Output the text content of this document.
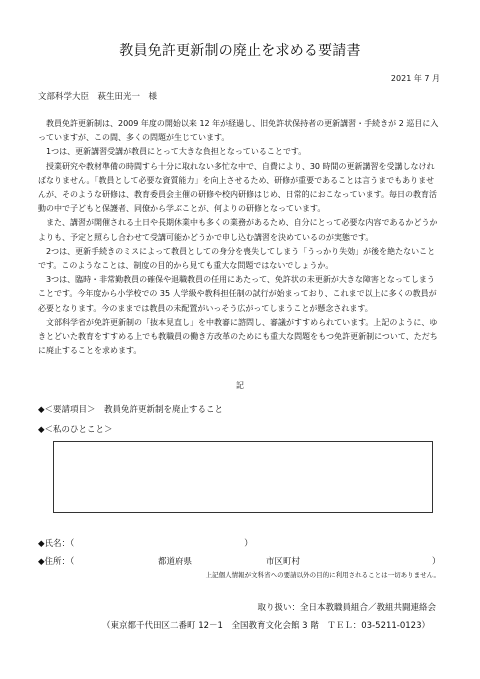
教員免許更新制の廃止を求める要請書
2021 年 7 月
文部科学大臣　萩生田光一　様

教員免許更新制は、2009 年度の開始以来 12 年が経過し、旧免許状保持者の更新講習・手続きが 2 巡目に入っていますが、この間、多くの問題が生じています。

1つは、更新講習受講が教員にとって大きな負担となっていることです。

授業研究や教材準備の時間すら十分に取れない多忙な中で、自費により、30 時間の更新講習を受講しなければなりません。「教員として必要な資質能力」を向上させるため、研修が重要であることは言うまでもありませんが、そのような研修は、教育委員会主催の研修や校内研修はじめ、日常的におこなっています。毎日の教育活動の中で子どもと保護者、同僚から学ぶことが、何よりの研修となっています。

また、講習が開催される土日や長期休業中も多くの業務があるため、自分にとって必要な内容であるかどうかよりも、予定と照らし合わせて受講可能かどうかで申し込む講習を決めているのが実態です。

2つは、更新手続きのミスによって教員としての身分を喪失してしまう「うっかり失効」が後を絶たないことです。このようなことは、制度の目的から見ても重大な問題ではないでしょうか。

3つは、臨時・非常勤教員の確保や退職教員の任用にあたって、免許状の未更新が大きな障害となってしまうことです。今年度から小学校での 35 人学級や教科担任制の試行が始まっており、これまで以上に多くの教員が必要となります。今のままでは教員の未配置がいっそう広がってしまうことが懸念されます。

文部科学省が免許更新制の「抜本見直し」を中教審に諮問し、審議がすすめられています。上記のように、ゆきとどいた教育をすすめる上でも教職員の働き方改革のためにも重大な問題をもつ免許更新制について、ただちに廃止することを求めます。

記
◆＜要請項目＞　教員免許更新制を廃止すること
◆＜私のひとこと＞
◆氏名：（　　　　　　　　　　　　　　　　　　　　）
◆住所：（	都道府県	市区町村	）
上記個人情報が文科省への要請以外の目的に利用されることは一切ありません。
取り扱い：全日本教職員組合／教組共闘連絡会
（東京都千代田区二番町 12－1　全国教育文化会館 3 階　ＴＥＬ：03-5211-0123）
